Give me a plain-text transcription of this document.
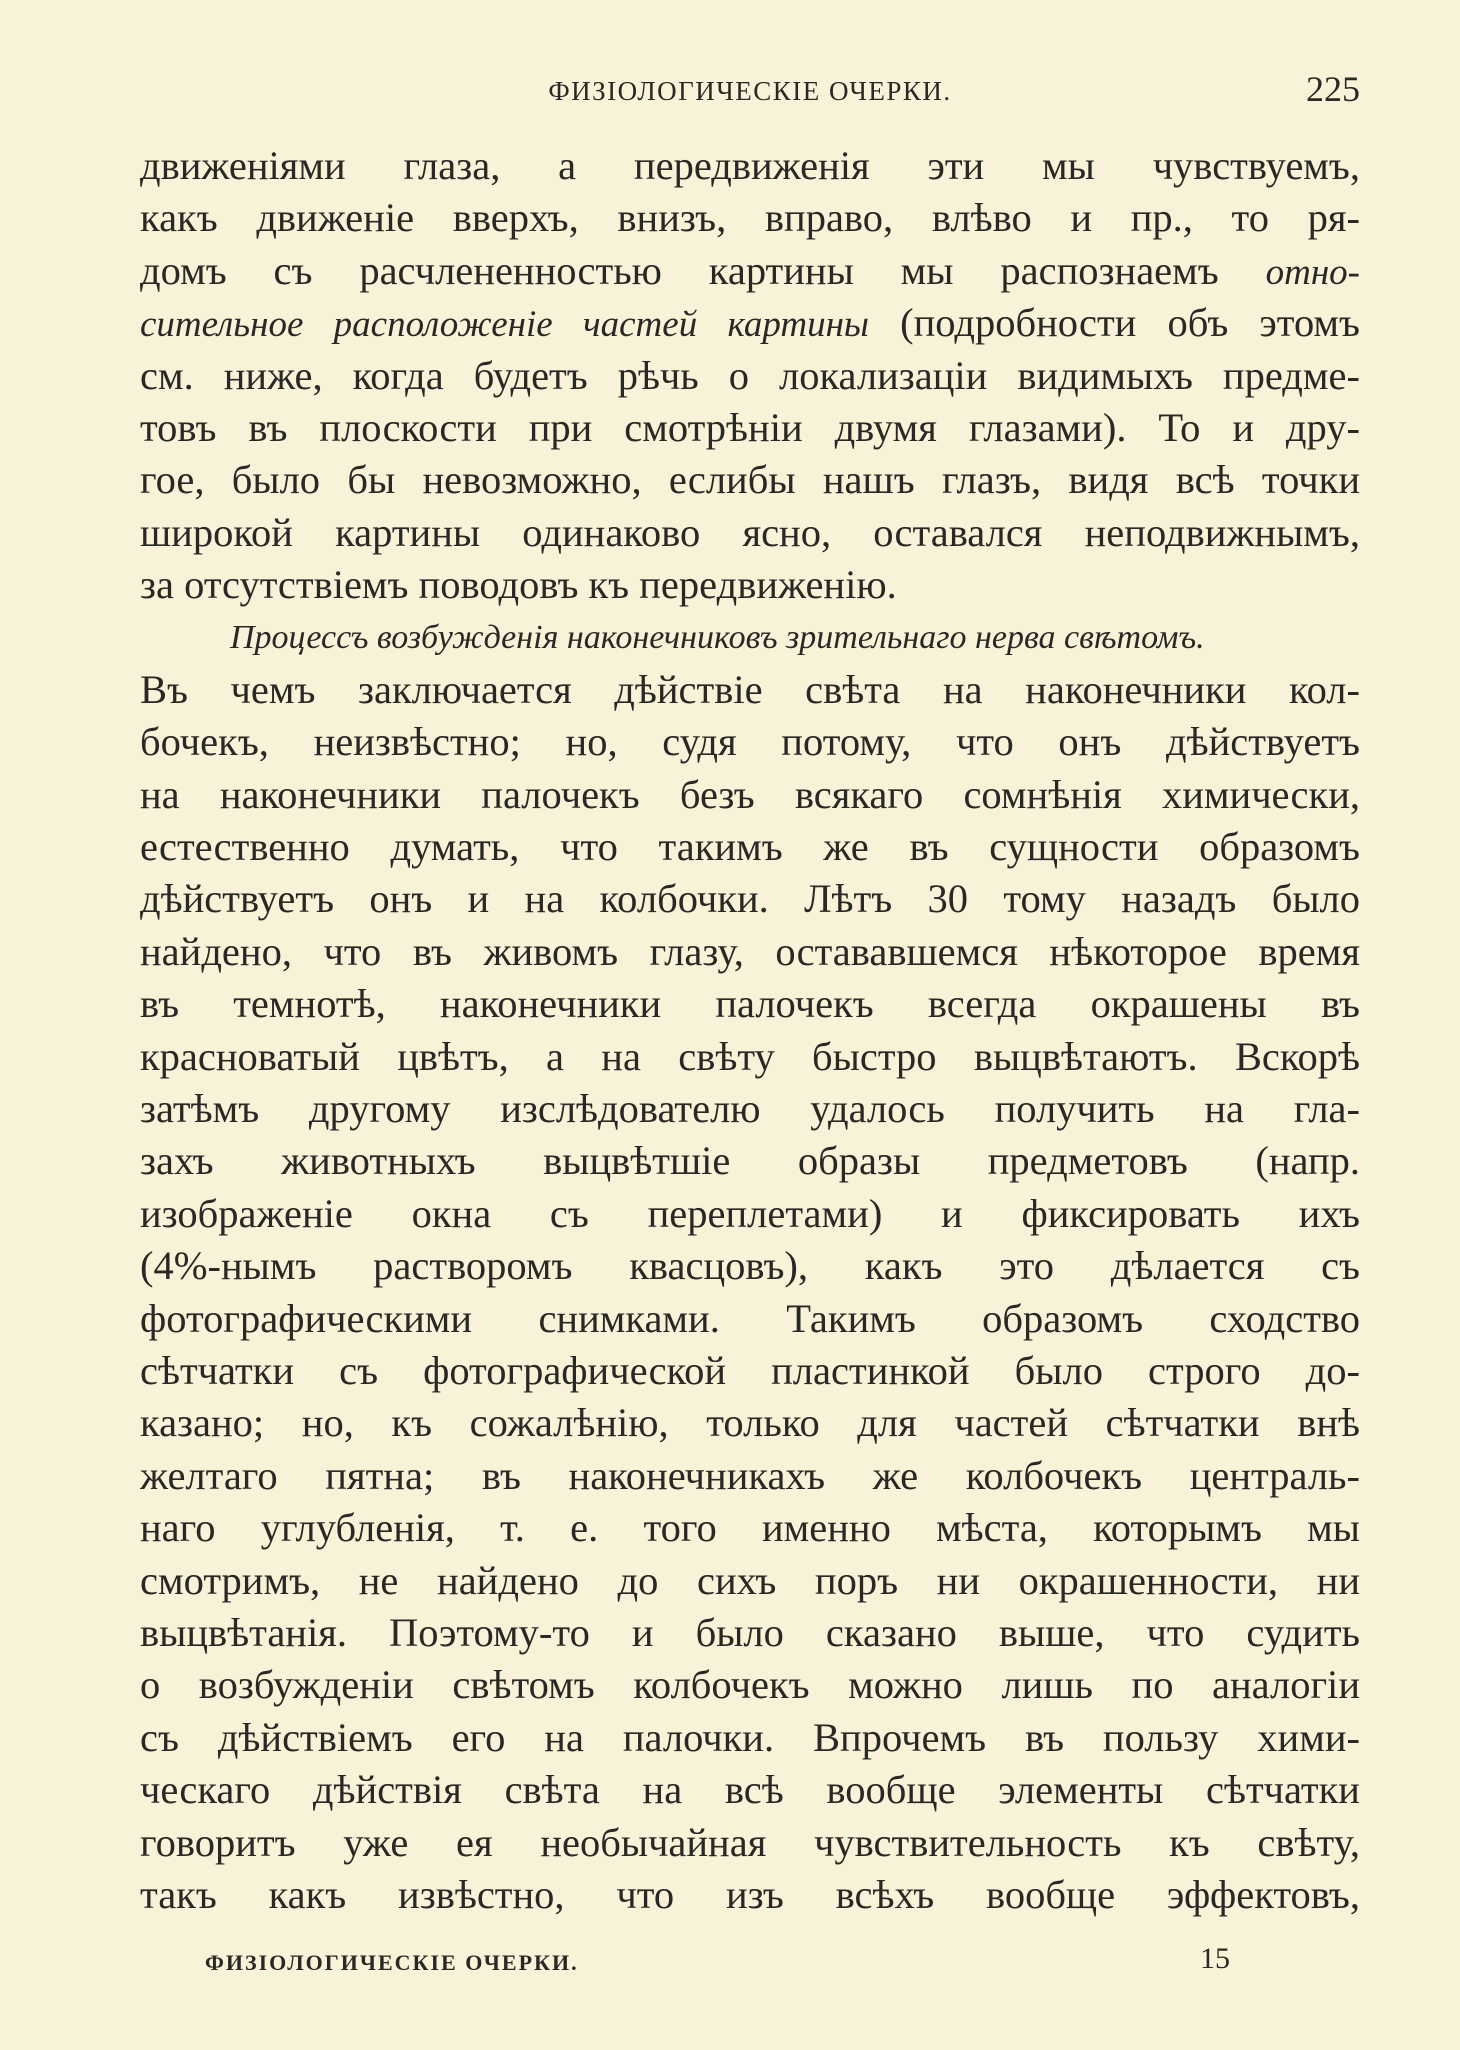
ФИЗІОЛОГИЧЕСКІЕ ОЧЕРКИ.	225
движеніями глаза, а передвиженія эти мы чувствуемъ,
какъ движеніе вверхъ, внизъ, вправо, влѣво и пр., то ря-
домъ съ расчлененностью картины мы распознаемъ отно-
сительное расположеніе частей картины (подробности объ этомъ
см. ниже, когда будетъ рѣчь о локализаціи видимыхъ предме-
товъ въ плоскости при смотрѣніи двумя глазами). То и дру-
гое, было бы невозможно, еслибы нашъ глазъ, видя всѣ точки
широкой картины одинаково ясно, оставался неподвижнымъ,
за отсутствіемъ поводовъ къ передвиженію.
Процессъ возбужденія наконечниковъ зрительнаго нерва свѣтомъ.
Въ чемъ заключается дѣйствіе свѣта на наконечники кол-
бочекъ, неизвѣстно; но, судя потому, что онъ дѣйствуетъ
на наконечники палочекъ безъ всякаго сомнѣнія химически,
естественно думать, что такимъ же въ сущности образомъ
дѣйствуетъ онъ и на колбочки. Лѣтъ 30 тому назадъ было
найдено, что въ живомъ глазу, остававшемся нѣкоторое время
въ темнотѣ, наконечники палочекъ всегда окрашены въ
красноватый цвѣтъ, а на свѣту быстро выцвѣтаютъ. Вскорѣ
затѣмъ другому изслѣдователю удалось получить на гла-
захъ животныхъ выцвѣтшіе образы предметовъ (напр.
изображеніе окна съ переплетами) и фиксировать ихъ
(4%-нымъ растворомъ квасцовъ), какъ это дѣлается съ
фотографическими снимками. Такимъ образомъ сходство
сѣтчатки съ фотографической пластинкой было строго до-
казано; но, къ сожалѣнію, только для частей сѣтчатки внѣ
желтаго пятна; въ наконечникахъ же колбочекъ централь-
наго углубленія, т. е. того именно мѣста, которымъ мы
смотримъ, не найдено до сихъ поръ ни окрашенности, ни
выцвѣтанія. Поэтому-то и было сказано выше, что судить
о возбужденіи свѣтомъ колбочекъ можно лишь по аналогіи
съ дѣйствіемъ его на палочки. Впрочемъ въ пользу хими-
ческаго дѣйствія свѣта на всѣ вообще элементы сѣтчатки
говоритъ уже ея необычайная чувствительность къ свѣту,
такъ какъ извѣстно, что изъ всѣхъ вообще эффектовъ,
ФИЗІОЛОГИЧЕСКІЕ ОЧЕРКИ.	15
